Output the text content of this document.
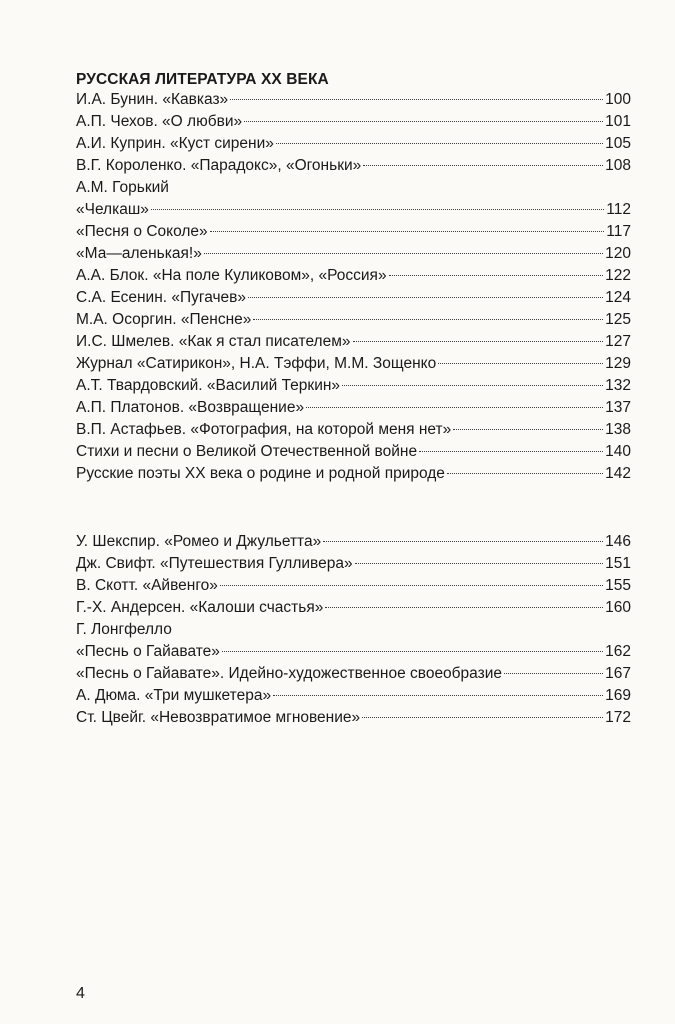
РУССКАЯ ЛИТЕРАТУРА XX ВЕКА
И.А. Бунин. «Кавказ»	100
А.П. Чехов. «О любви»	101
А.И. Куприн. «Куст сирени»	105
В.Г. Короленко. «Парадокс», «Огоньки»	108
А.М. Горький
«Челкаш»	112
«Песня о Соколе»	117
«Ма—аленькая!»	120
А.А. Блок. «На поле Куликовом», «Россия»	122
С.А. Есенин. «Пугачев»	124
М.А. Осоргин. «Пенсне»	125
И.С. Шмелев. «Как я стал писателем»	127
Журнал «Сатирикон», Н.А. Тэффи, М.М. Зощенко	129
А.Т. Твардовский. «Василий Теркин»	132
А.П. Платонов. «Возвращение»	137
В.П. Астафьев. «Фотография, на которой меня нет»	138
Стихи и песни о Великой Отечественной войне	140
Русские поэты XX века о родине и родной природе	142
У. Шекспир. «Ромео и Джульетта»	146
Дж. Свифт. «Путешествия Гулливера»	151
В. Скотт. «Айвенго»	155
Г.-Х. Андерсен. «Калоши счастья»	160
Г. Лонгфелло
«Песнь о Гайавате»	162
«Песнь о Гайавате». Идейно-художественное своеобразие	167
А. Дюма. «Три мушкетера»	169
Ст. Цвейг. «Невозвратимое мгновение»	172
4
